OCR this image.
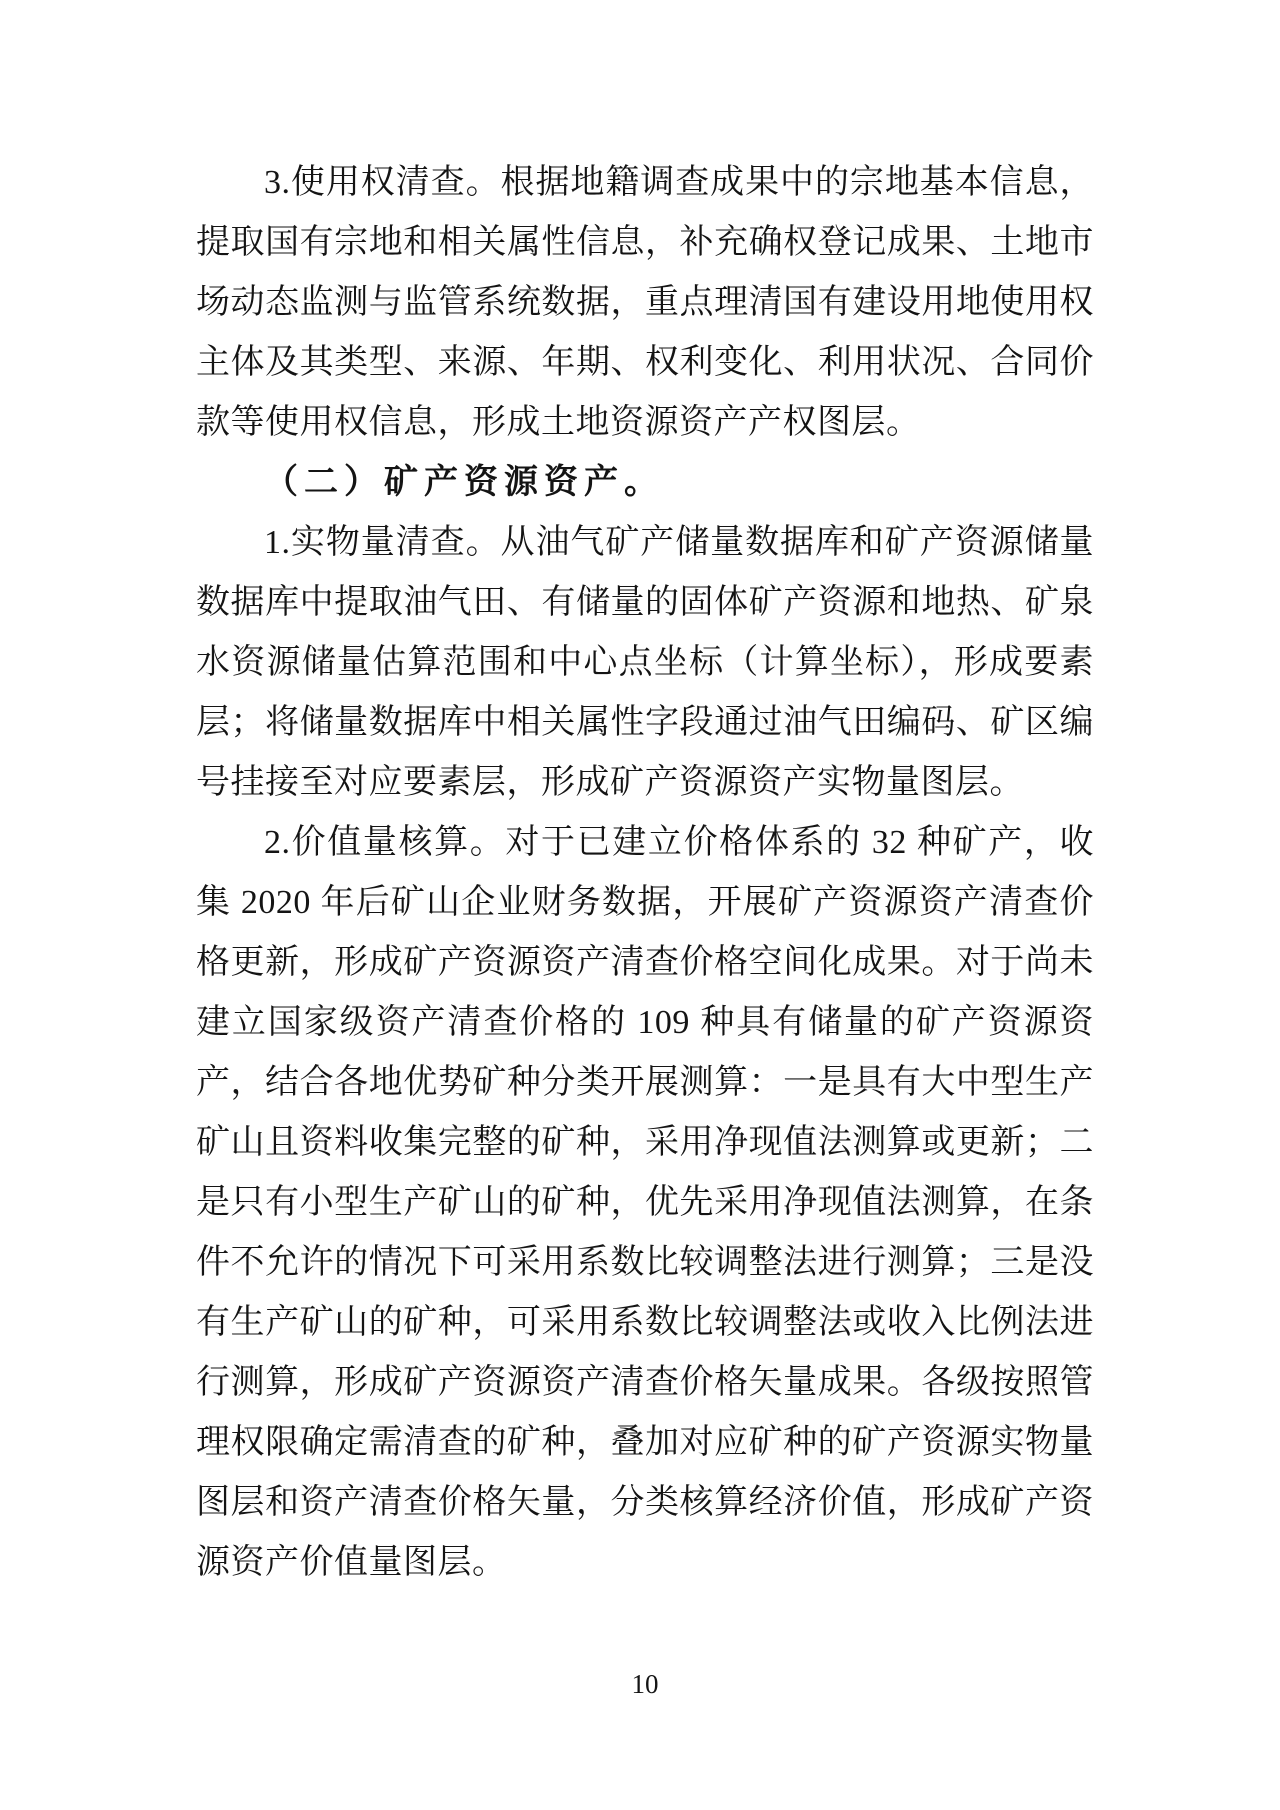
3.使用权清查。根据地籍调查成果中的宗地基本信息，提取国有宗地和相关属性信息，补充确权登记成果、土地市场动态监测与监管系统数据，重点理清国有建设用地使用权主体及其类型、来源、年期、权利变化、利用状况、合同价款等使用权信息，形成土地资源资产产权图层。

（二）矿产资源资产。

1.实物量清查。从油气矿产储量数据库和矿产资源储量数据库中提取油气田、有储量的固体矿产资源和地热、矿泉水资源储量估算范围和中心点坐标（计算坐标），形成要素层；将储量数据库中相关属性字段通过油气田编码、矿区编号挂接至对应要素层，形成矿产资源资产实物量图层。

2.价值量核算。对于已建立价格体系的 32 种矿产，收集 2020 年后矿山企业财务数据，开展矿产资源资产清查价格更新，形成矿产资源资产清查价格空间化成果。对于尚未建立国家级资产清查价格的 109 种具有储量的矿产资源资产，结合各地优势矿种分类开展测算：一是具有大中型生产矿山且资料收集完整的矿种，采用净现值法测算或更新；二是只有小型生产矿山的矿种，优先采用净现值法测算，在条件不允许的情况下可采用系数比较调整法进行测算；三是没有生产矿山的矿种，可采用系数比较调整法或收入比例法进行测算，形成矿产资源资产清查价格矢量成果。各级按照管理权限确定需清查的矿种，叠加对应矿种的矿产资源实物量图层和资产清查价格矢量，分类核算经济价值，形成矿产资源资产价值量图层。

10
